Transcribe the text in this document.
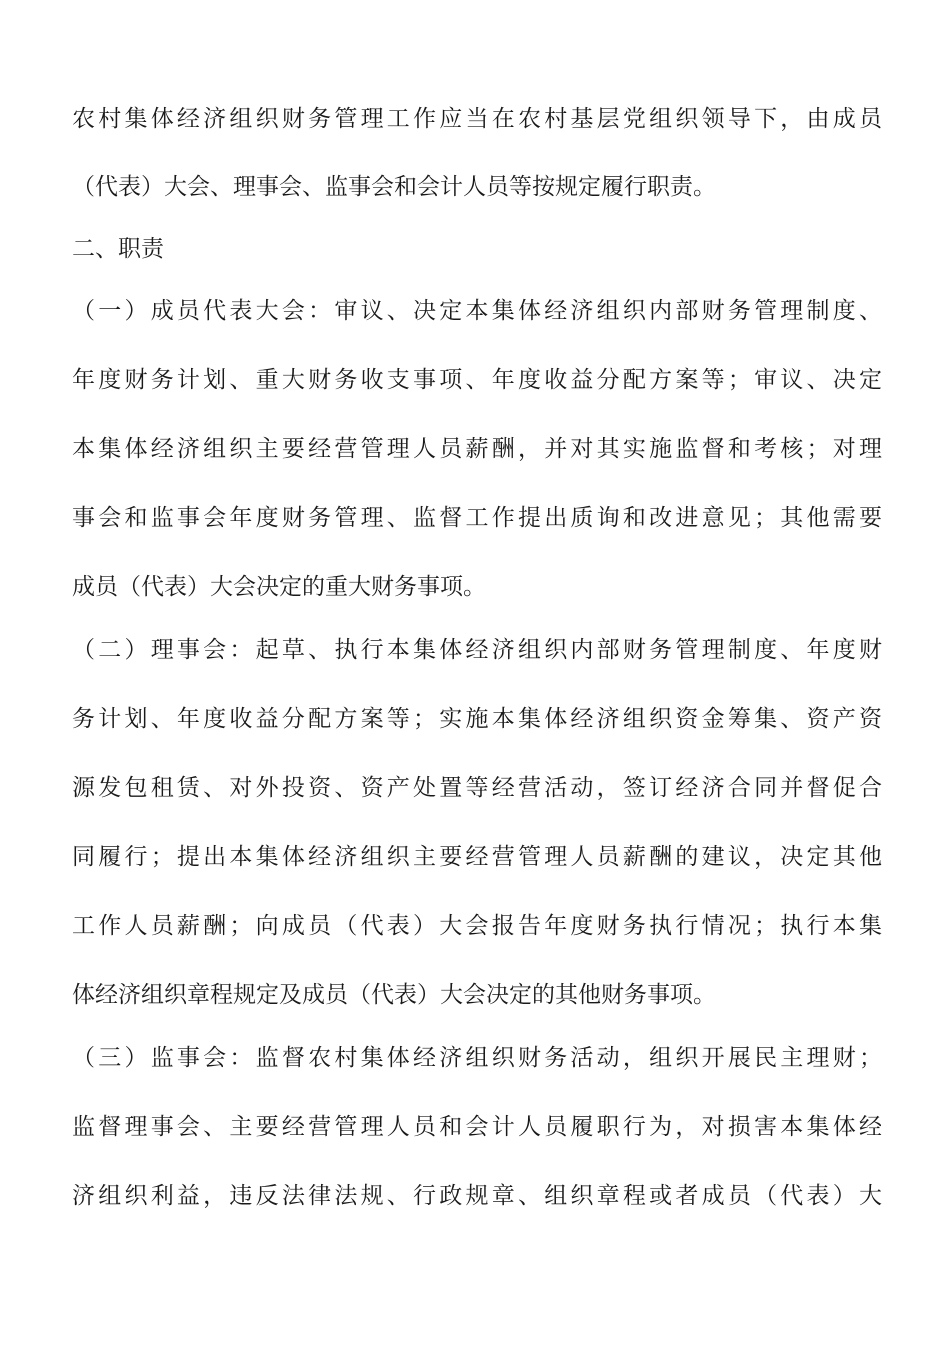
农村集体经济组织财务管理工作应当在农村基层党组织领导下，由成员
（代表）大会、理事会、监事会和会计人员等按规定履行职责。
二、职责
（一）成员代表大会：审议、决定本集体经济组织内部财务管理制度、
年度财务计划、重大财务收支事项、年度收益分配方案等；审议、决定
本集体经济组织主要经营管理人员薪酬，并对其实施监督和考核；对理
事会和监事会年度财务管理、监督工作提出质询和改进意见；其他需要
成员（代表）大会决定的重大财务事项。
（二）理事会：起草、执行本集体经济组织内部财务管理制度、年度财
务计划、年度收益分配方案等；实施本集体经济组织资金筹集、资产资
源发包租赁、对外投资、资产处置等经营活动，签订经济合同并督促合
同履行；提出本集体经济组织主要经营管理人员薪酬的建议，决定其他
工作人员薪酬；向成员（代表）大会报告年度财务执行情况；执行本集
体经济组织章程规定及成员（代表）大会决定的其他财务事项。
（三）监事会：监督农村集体经济组织财务活动，组织开展民主理财；
监督理事会、主要经营管理人员和会计人员履职行为，对损害本集体经
济组织利益，违反法律法规、行政规章、组织章程或者成员（代表）大
